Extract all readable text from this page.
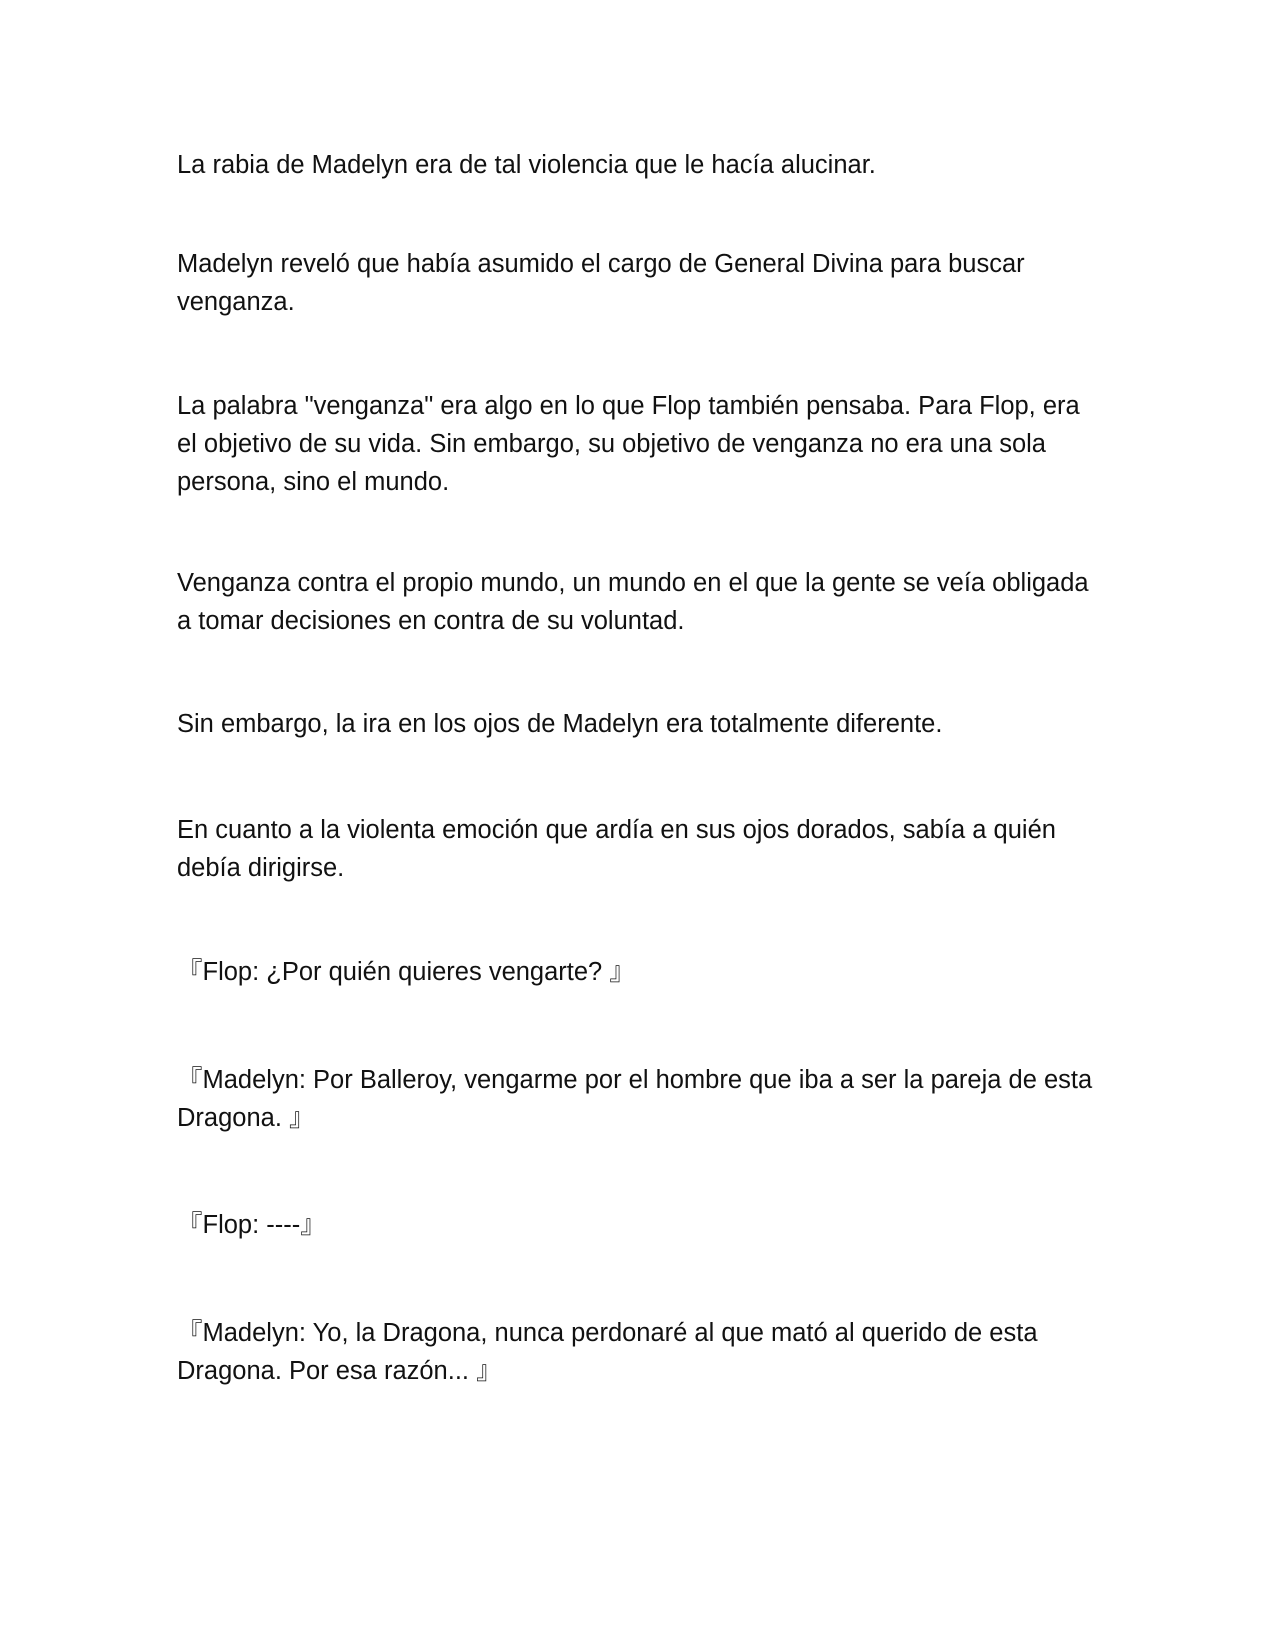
La rabia de Madelyn era de tal violencia que le hacía alucinar.

Madelyn reveló que había asumido el cargo de General Divina para buscar venganza.

La palabra "venganza" era algo en lo que Flop también pensaba. Para Flop, era el objetivo de su vida. Sin embargo, su objetivo de venganza no era una sola persona, sino el mundo.

Venganza contra el propio mundo, un mundo en el que la gente se veía obligada a tomar decisiones en contra de su voluntad.

Sin embargo, la ira en los ojos de Madelyn era totalmente diferente.

En cuanto a la violenta emoción que ardía en sus ojos dorados, sabía a quién debía dirigirse.

『Flop: ¿Por quién quieres vengarte? 』

『Madelyn: Por Balleroy, vengarme por el hombre que iba a ser la pareja de esta Dragona. 』

『Flop: ----』

『Madelyn: Yo, la Dragona, nunca perdonaré al que mató al querido de esta Dragona. Por esa razón... 』
